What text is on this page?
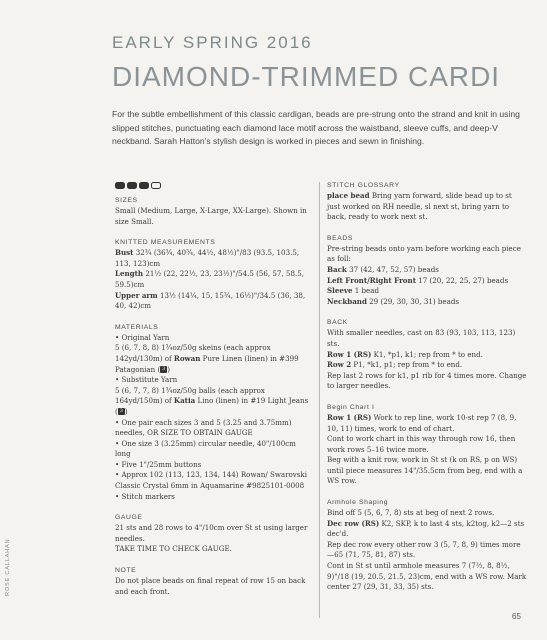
EARLY SPRING 2016
DIAMOND-TRIMMED CARDI
For the subtle embellishment of this classic cardigan, beads are pre-strung onto the strand and knit in using slipped stitches, punctuating each diamond lace motif across the waistband, sleeve cuffs, and deep-V neckband. Sarah Hatton's stylish design is worked in pieces and sewn in finishing.

SIZES

Small (Medium, Large, X-Large, XX-Large). Shown in size Small.

KNITTED MEASUREMENTS

Bust 32¾ (36¾, 40¾, 44½, 48½)"/83 (93.5, 103.5, 113, 123)cm

Length 21½ (22, 22½, 23, 23½)"/54.5 (56, 57, 58.5, 59.5)cm

Upper arm 13½ (14¼, 15, 15¾, 16½)"/34.5 (36, 38, 40, 42)cm

MATERIALS

• Original Yarn

5 (6, 7, 8, 8) 1¾oz/50g skeins (each approx 142yd/130m) of Rowan Pure Linen (linen) in #399 Patagonian ( 3 )

• Substitute Yarn

5 (6, 7, 7, 8) 1¾oz/50g balls (each approx 164yd/150m) of Katia Lino (linen) in #19 Light Jeans ( 3 )

• One pair each sizes 3 and 5 (3.25 and 3.75mm) needles, OR SIZE TO OBTAIN GAUGE

• One size 3 (3.25mm) circular needle, 40"/100cm long

• Five 1"/25mm buttons

• Approx 102 (113, 123, 134, 144) Rowan/ Swarovski Classic Crystal 6mm in Aquamarine #9825101-0008

• Stitch markers

GAUGE

21 sts and 28 rows to 4"/10cm over St st using larger needles.

TAKE TIME TO CHECK GAUGE.

NOTE

Do not place beads on final repeat of row 15 on back and each front.

STITCH GLOSSARY

place bead Bring yarn forward, slide bead up to st just worked on RH needle, sl next st, bring yarn to back, ready to work next st.

BEADS

Pre-string beads onto yarn before working each piece as foll:

Back 37 (42, 47, 52, 57) beads

Left Front/Right Front 17 (20, 22, 25, 27) beads

Sleeve 1 bead

Neckband 29 (29, 30, 30, 31) beads

BACK

With smaller needles, cast on 83 (93, 103, 113, 123) sts.

Row 1 (RS) K1, *p1, k1; rep from * to end.

Row 2 P1, *k1, p1; rep from * to end.

Rep last 2 rows for k1, p1 rib for 4 times more. Change to larger needles.

Begin Chart I

Row 1 (RS) Work to rep line, work 10-st rep 7 (8, 9, 10, 11) times, work to end of chart.

Cont to work chart in this way through row 16, then work rows 5–16 twice more.

Beg with a knit row, work in St st (k on RS, p on WS) until piece measures 14"/35.5cm from beg, end with a WS row.

Armhole Shaping

Bind off 5 (5, 6, 7, 8) sts at beg of next 2 rows.

Dec row (RS) K2, SKP, k to last 4 sts, k2tog, k2—2 sts dec'd.

Rep dec row every other row 3 (5, 7, 8, 9) times more—65 (71, 75, 81, 87) sts.

Cont in St st until armhole measures 7 (7½, 8, 8½, 9)"/18 (19, 20.5, 21.5, 23)cm, end with a WS row. Mark center 27 (29, 31, 33, 35) sts.

ROSE CALLAHAN
65
